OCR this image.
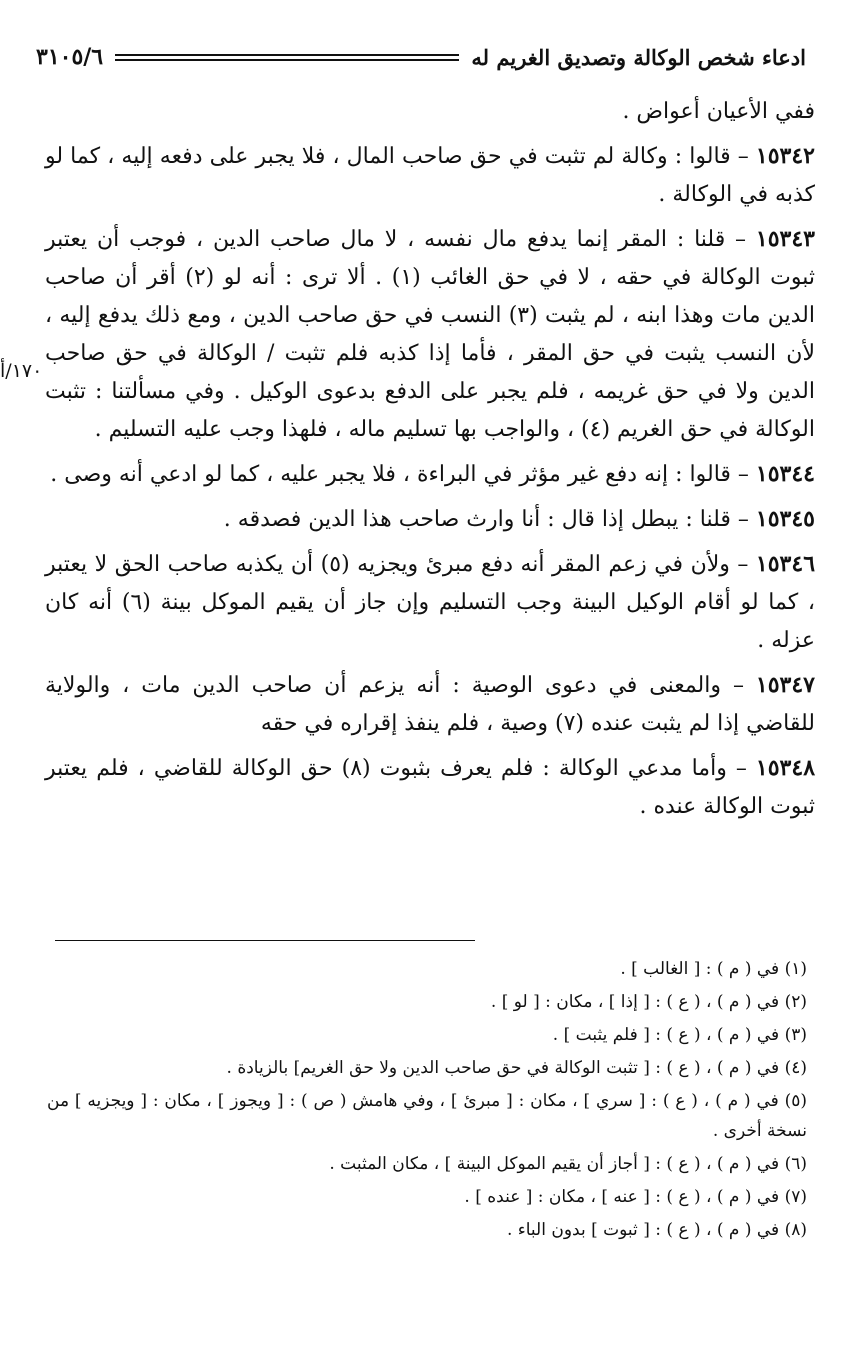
ادعاء شخص الوكالة وتصديق الغريم له
٣١٠٥/٦
١٧٠/أ

ففي الأعيان أعواض .

١٥٣٤٢ – قالوا : وكالة لم تثبت في حق صاحب المال ، فلا يجبر على دفعه إليه ، كما لو كذبه في الوكالة .

١٥٣٤٣ – قلنا : المقر إنما يدفع مال نفسه ، لا مال صاحب الدين ، فوجب أن يعتبر ثبوت الوكالة في حقه ، لا في حق الغائب (١) . ألا ترى : أنه لو (٢) أقر أن صاحب الدين مات وهذا ابنه ، لم يثبت (٣) النسب في حق صاحب الدين ، ومع ذلك يدفع إليه ، لأن النسب يثبت في حق المقر ، فأما إذا كذبه فلم تثبت / الوكالة في حق صاحب الدين ولا في حق غريمه ، فلم يجبر على الدفع بدعوى الوكيل . وفي مسألتنا : تثبت الوكالة في حق الغريم (٤) ، والواجب بها تسليم ماله ، فلهذا وجب عليه التسليم .

١٥٣٤٤ – قالوا : إنه دفع غير مؤثر في البراءة ، فلا يجبر عليه ، كما لو ادعي أنه وصى .

١٥٣٤٥ – قلنا : يبطل إذا قال : أنا وارث صاحب هذا الدين فصدقه .

١٥٣٤٦ – ولأن في زعم المقر أنه دفع مبرئ ويجزيه (٥) أن يكذبه صاحب الحق لا يعتبر ، كما لو أقام الوكيل البينة وجب التسليم وإن جاز أن يقيم الموكل بينة (٦) أنه كان عزله .

١٥٣٤٧ – والمعنى في دعوى الوصية : أنه يزعم أن صاحب الدين مات ، والولاية للقاضي إذا لم يثبت عنده (٧) وصية ، فلم ينفذ إقراره في حقه

١٥٣٤٨ – وأما مدعي الوكالة : فلم يعرف بثبوت (٨) حق الوكالة للقاضي ، فلم يعتبر ثبوت الوكالة عنده .

(١) في ( م ) : [ الغالب ] .

(٢) في ( م ) ، ( ع ) : [ إذا ] ، مكان : [ لو ] .

(٣) في ( م ) ، ( ع ) : [ فلم يثبت ] .

(٤) في ( م ) ، ( ع ) : [ تثبت الوكالة في حق صاحب الدين ولا حق الغريم] بالزيادة .

(٥) في ( م ) ، ( ع ) : [ سري ] ، مكان : [ مبرئ ] ، وفي هامش ( ص ) : [ ويجوز ] ، مكان : [ ويجزيه ] من نسخة أخرى .

(٦) في ( م ) ، ( ع ) : [ أجاز أن يقيم الموكل البينة ] ، مكان المثبت .

(٧) في ( م ) ، ( ع ) : [ عنه ] ، مكان : [ عنده ] .

(٨) في ( م ) ، ( ع ) : [ ثبوت ] بدون الباء .
